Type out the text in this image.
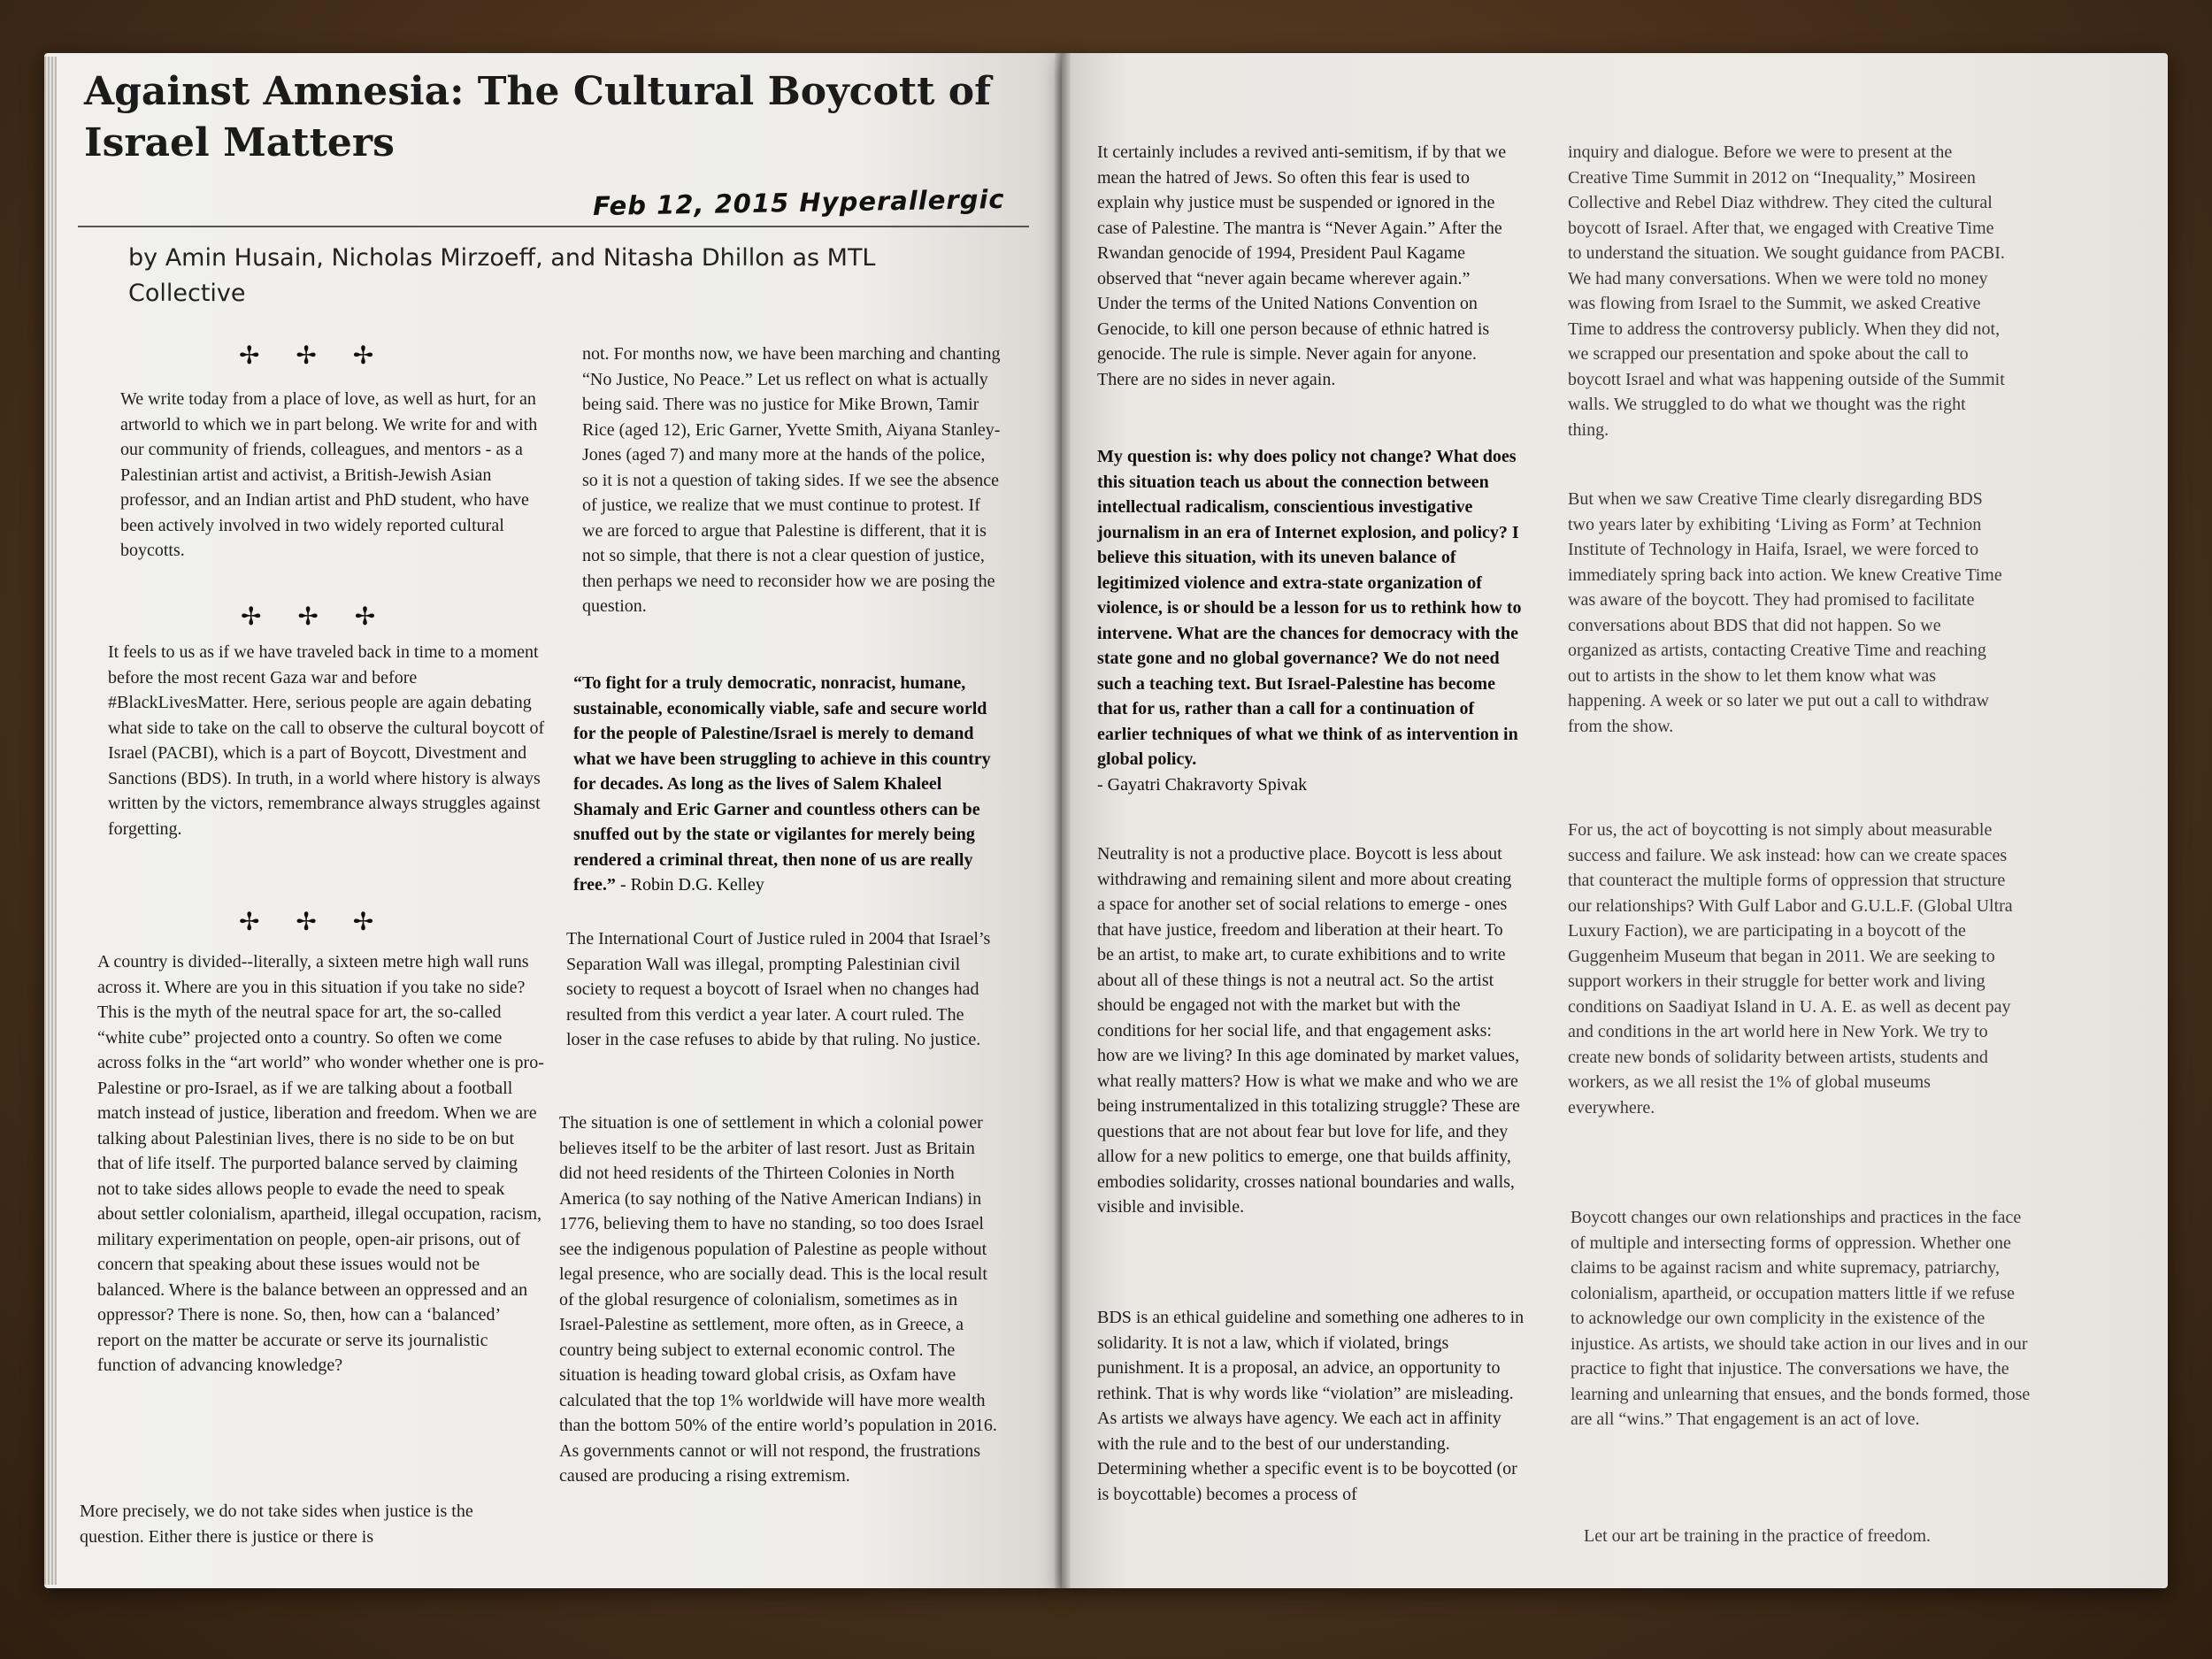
Against Amnesia: The Cultural Boycott of Israel Matters
Feb 12, 2015 Hyperallergic
by Amin Husain, Nicholas Mirzoeff, and Nitasha Dhillon as MTL Collective
✢ ✢ ✢

We write today from a place of love, as well as hurt, for an artworld to which we in part belong. We write for and with our community of friends, colleagues, and mentors - as a Palestinian artist and activist, a British-Jewish Asian professor, and an Indian artist and PhD student, who have been actively involved in two widely reported cultural boycotts.

✢ ✢ ✢

It feels to us as if we have traveled back in time to a moment before the most recent Gaza war and before #BlackLivesMatter. Here, serious people are again debating what side to take on the call to observe the cultural boycott of Israel (PACBI), which is a part of Boycott, Divestment and Sanctions (BDS). In truth, in a world where history is always written by the victors, remembrance always struggles against forgetting.

✢ ✢ ✢

A country is divided--literally, a sixteen metre high wall runs across it. Where are you in this situation if you take no side? This is the myth of the neutral space for art, the so-called “white cube” projected onto a country. So often we come across folks in the “art world” who wonder whether one is pro-Palestine or pro-Israel, as if we are talking about a football match instead of justice, liberation and freedom. When we are talking about Palestinian lives, there is no side to be on but that of life itself. The purported balance served by claiming not to take sides allows people to evade the need to speak about settler colonialism, apartheid, illegal occupation, racism, military experimentation on people, open-air prisons, out of concern that speaking about these issues would not be balanced. Where is the balance between an oppressed and an oppressor? There is none. So, then, how can a ‘balanced’ report on the matter be accurate or serve its journalistic function of advancing knowledge?

More precisely, we do not take sides when justice is the question. Either there is justice or there is

not. For months now, we have been marching and chanting “No Justice, No Peace.” Let us reflect on what is actually being said. There was no justice for Mike Brown, Tamir Rice (aged 12), Eric Garner, Yvette Smith, Aiyana Stanley-Jones (aged 7) and many more at the hands of the police, so it is not a question of taking sides. If we see the absence of justice, we realize that we must continue to protest. If we are forced to argue that Palestine is different, that it is not so simple, that there is not a clear question of justice, then perhaps we need to reconsider how we are posing the question.

“To fight for a truly democratic, nonracist, humane, sustainable, economically viable, safe and secure world for the people of Palestine/Israel is merely to demand what we have been struggling to achieve in this country for decades. As long as the lives of Salem Khaleel Shamaly and Eric Garner and countless others can be snuffed out by the state or vigilantes for merely being rendered a criminal threat, then none of us are really free.” - Robin D.G. Kelley

The International Court of Justice ruled in 2004 that Israel’s Separation Wall was illegal, prompting Palestinian civil society to request a boycott of Israel when no changes had resulted from this verdict a year later. A court ruled. The loser in the case refuses to abide by that ruling. No justice.

The situation is one of settlement in which a colonial power believes itself to be the arbiter of last resort. Just as Britain did not heed residents of the Thirteen Colonies in North America (to say nothing of the Native American Indians) in 1776, believing them to have no standing, so too does Israel see the indigenous population of Palestine as people without legal presence, who are socially dead. This is the local result of the global resurgence of colonialism, sometimes as in Israel-Palestine as settlement, more often, as in Greece, a country being subject to external economic control. The situation is heading toward global crisis, as Oxfam have calculated that the top 1% worldwide will have more wealth than the bottom 50% of the entire world’s population in 2016. As governments cannot or will not respond, the frustrations caused are producing a rising extremism.

It certainly includes a revived anti-semitism, if by that we mean the hatred of Jews. So often this fear is used to explain why justice must be suspended or ignored in the case of Palestine. The mantra is “Never Again.” After the Rwandan genocide of 1994, President Paul Kagame observed that “never again became wherever again.” Under the terms of the United Nations Convention on Genocide, to kill one person because of ethnic hatred is genocide. The rule is simple. Never again for anyone. There are no sides in never again.

My question is: why does policy not change? What does this situation teach us about the connection between intellectual radicalism, conscientious investigative journalism in an era of Internet explosion, and policy? I believe this situation, with its uneven balance of legitimized violence and extra-state organization of violence, is or should be a lesson for us to rethink how to intervene. What are the chances for democracy with the state gone and no global governance? We do not need such a teaching text. But Israel-Palestine has become that for us, rather than a call for a continuation of earlier techniques of what we think of as intervention in global policy.
- Gayatri Chakravorty Spivak

Neutrality is not a productive place. Boycott is less about withdrawing and remaining silent and more about creating a space for another set of social relations to emerge - ones that have justice, freedom and liberation at their heart. To be an artist, to make art, to curate exhibitions and to write about all of these things is not a neutral act. So the artist should be engaged not with the market but with the conditions for her social life, and that engagement asks: how are we living? In this age dominated by market values, what really matters? How is what we make and who we are being instrumentalized in this totalizing struggle? These are questions that are not about fear but love for life, and they allow for a new politics to emerge, one that builds affinity, embodies solidarity, crosses national boundaries and walls, visible and invisible.

BDS is an ethical guideline and something one adheres to in solidarity. It is not a law, which if violated, brings punishment. It is a proposal, an advice, an opportunity to rethink. That is why words like “violation” are misleading. As artists we always have agency. We each act in affinity with the rule and to the best of our understanding. Determining whether a specific event is to be boycotted (or is boycottable) becomes a process of

inquiry and dialogue. Before we were to present at the Creative Time Summit in 2012 on “Inequality,” Mosireen Collective and Rebel Diaz withdrew. They cited the cultural boycott of Israel. After that, we engaged with Creative Time to understand the situation. We sought guidance from PACBI. We had many conversations. When we were told no money was flowing from Israel to the Summit, we asked Creative Time to address the controversy publicly. When they did not, we scrapped our presentation and spoke about the call to boycott Israel and what was happening outside of the Summit walls. We struggled to do what we thought was the right thing.

But when we saw Creative Time clearly disregarding BDS two years later by exhibiting ‘Living as Form’ at Technion Institute of Technology in Haifa, Israel, we were forced to immediately spring back into action. We knew Creative Time was aware of the boycott. They had promised to facilitate conversations about BDS that did not happen. So we organized as artists, contacting Creative Time and reaching out to artists in the show to let them know what was happening. A week or so later we put out a call to withdraw from the show.

For us, the act of boycotting is not simply about measurable success and failure. We ask instead: how can we create spaces that counteract the multiple forms of oppression that structure our relationships? With Gulf Labor and G.U.L.F. (Global Ultra Luxury Faction), we are participating in a boycott of the Guggenheim Museum that began in 2011. We are seeking to support workers in their struggle for better work and living conditions on Saadiyat Island in U. A. E. as well as decent pay and conditions in the art world here in New York. We try to create new bonds of solidarity between artists, students and workers, as we all resist the 1% of global museums everywhere.

Boycott changes our own relationships and practices in the face of multiple and intersecting forms of oppression. Whether one claims to be against racism and white supremacy, patriarchy, colonialism, apartheid, or occupation matters little if we refuse to acknowledge our own complicity in the existence of the injustice. As artists, we should take action in our lives and in our practice to fight that injustice. The conversations we have, the learning and unlearning that ensues, and the bonds formed, those are all “wins.” That engagement is an act of love.

Let our art be training in the practice of freedom.
